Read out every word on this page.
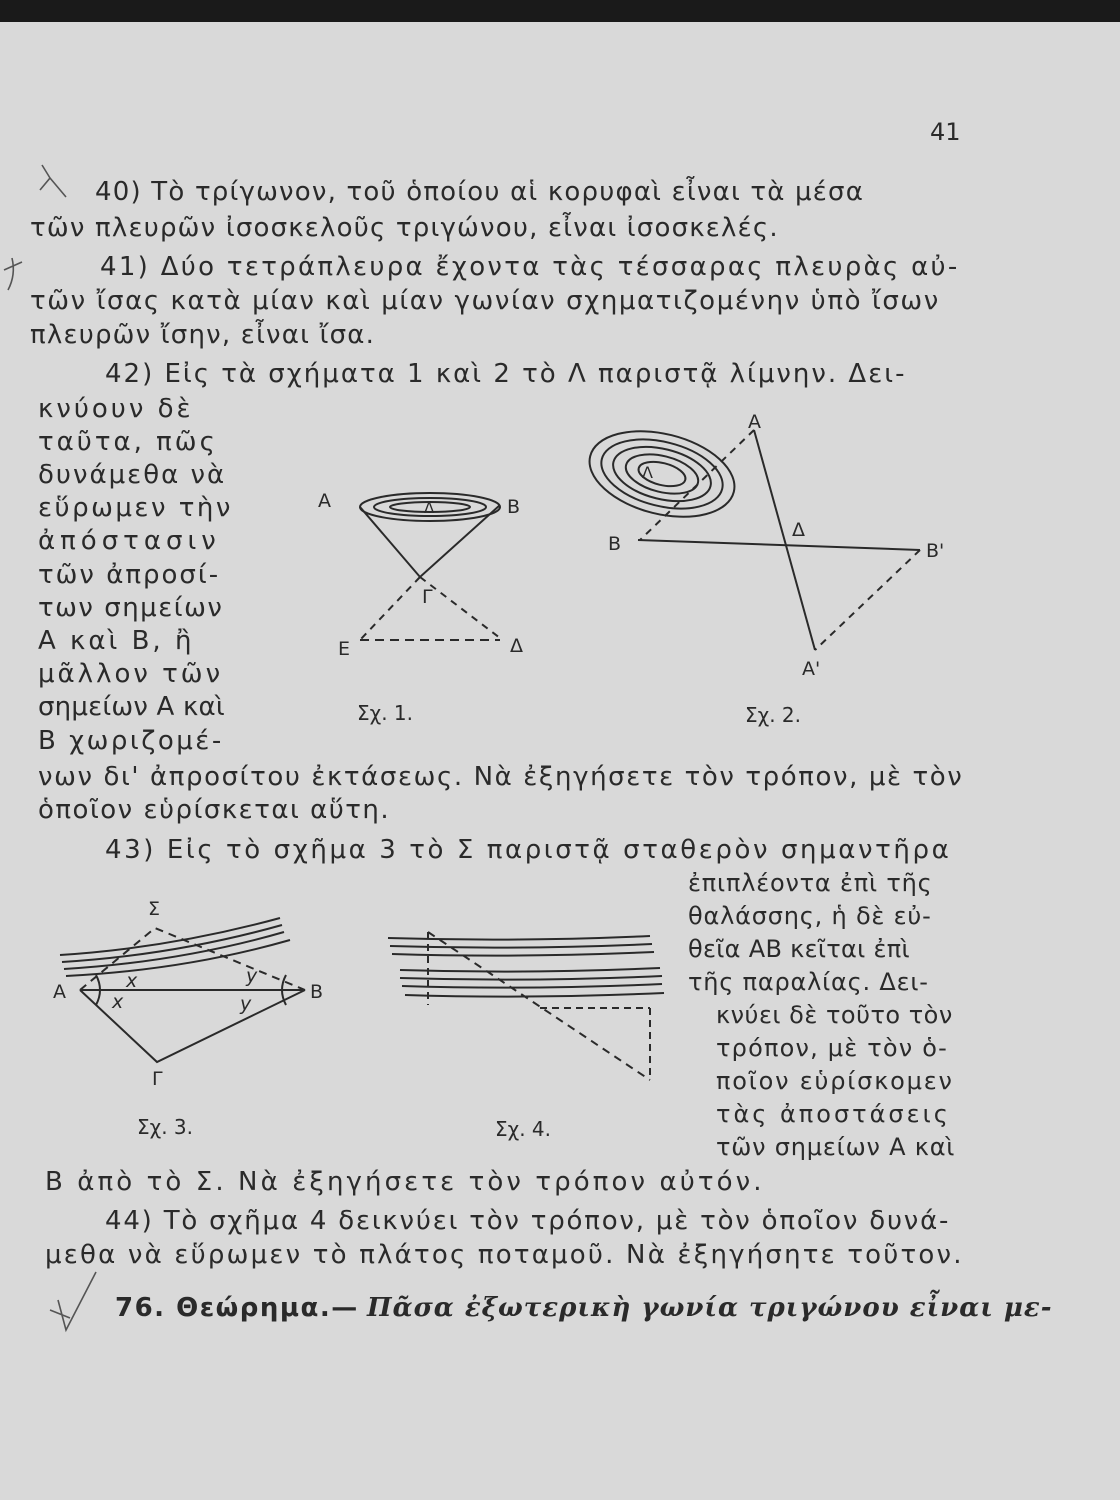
41
40) Τὸ τρίγωνον, τοῦ ὁποίου αἱ κορυφαὶ εἶναι τὰ μέσα
τῶν πλευρῶν ἰσοσκελοῦς τριγώνου, εἶναι ἰσοσκελές.
41) Δύο τετράπλευρα ἔχοντα τὰς τέσσαρας πλευρὰς αὐ-
τῶν ἴσας κατὰ μίαν καὶ μίαν γωνίαν σχηματιζομένην ὑπὸ ἴσων
πλευρῶν ἴσην, εἶναι ἴσα.
42) Εἰς τὰ σχήματα 1 καὶ 2 τὸ Λ παριστᾷ λίμνην. Δει-
κνύουν δὲ
ταῦτα, πῶς
δυνάμεθα νὰ
εὕρωμεν τὴν
ἀπόστασιν
τῶν ἀπροσί-
των σημείων
Α καὶ Β, ἢ
μᾶλλον τῶν
σημείων Α καὶ
Β χωριζομέ-
νων δι' ἀπροσίτου ἐκτάσεως. Νὰ ἐξηγήσετε τὸν τρόπον, μὲ τὸν
ὁποῖον εὑρίσκεται αὕτη.
43) Εἰς τὸ σχῆμα 3 τὸ Σ παριστᾷ σταθερὸν σημαντῆρα
ἐπιπλέοντα ἐπὶ τῆς
θαλάσσης, ἡ δὲ εὐ-
θεῖα ΑΒ κεῖται ἐπὶ
τῆς παραλίας. Δει-
κνύει δὲ τοῦτο τὸν
τρόπον, μὲ τὸν ὁ-
ποῖον εὑρίσκομεν
τὰς ἀποστάσεις
τῶν σημείων Α καὶ
Β ἀπὸ τὸ Σ. Νὰ ἐξηγήσετε τὸν τρόπον αὐτόν.
44) Τὸ σχῆμα 4 δεικνύει τὸν τρόπον, μὲ τὸν ὁποῖον δυνά-
μεθα νὰ εὕρωμεν τὸ πλάτος ποταμοῦ. Νὰ ἐξηγήσητε τοῦτον.
76. Θεώρημα.— Πᾶσα ἐξωτερικὴ γωνία τριγώνου εἶναι με-
Σχ. 1.	Σχ. 2.
Σχ. 3.	Σχ. 4.
A	B
Γ
E	Δ
Λ
A
B
Δ
B'
A'
Λ
Σ
A	B
Γ
x
x
y
y
